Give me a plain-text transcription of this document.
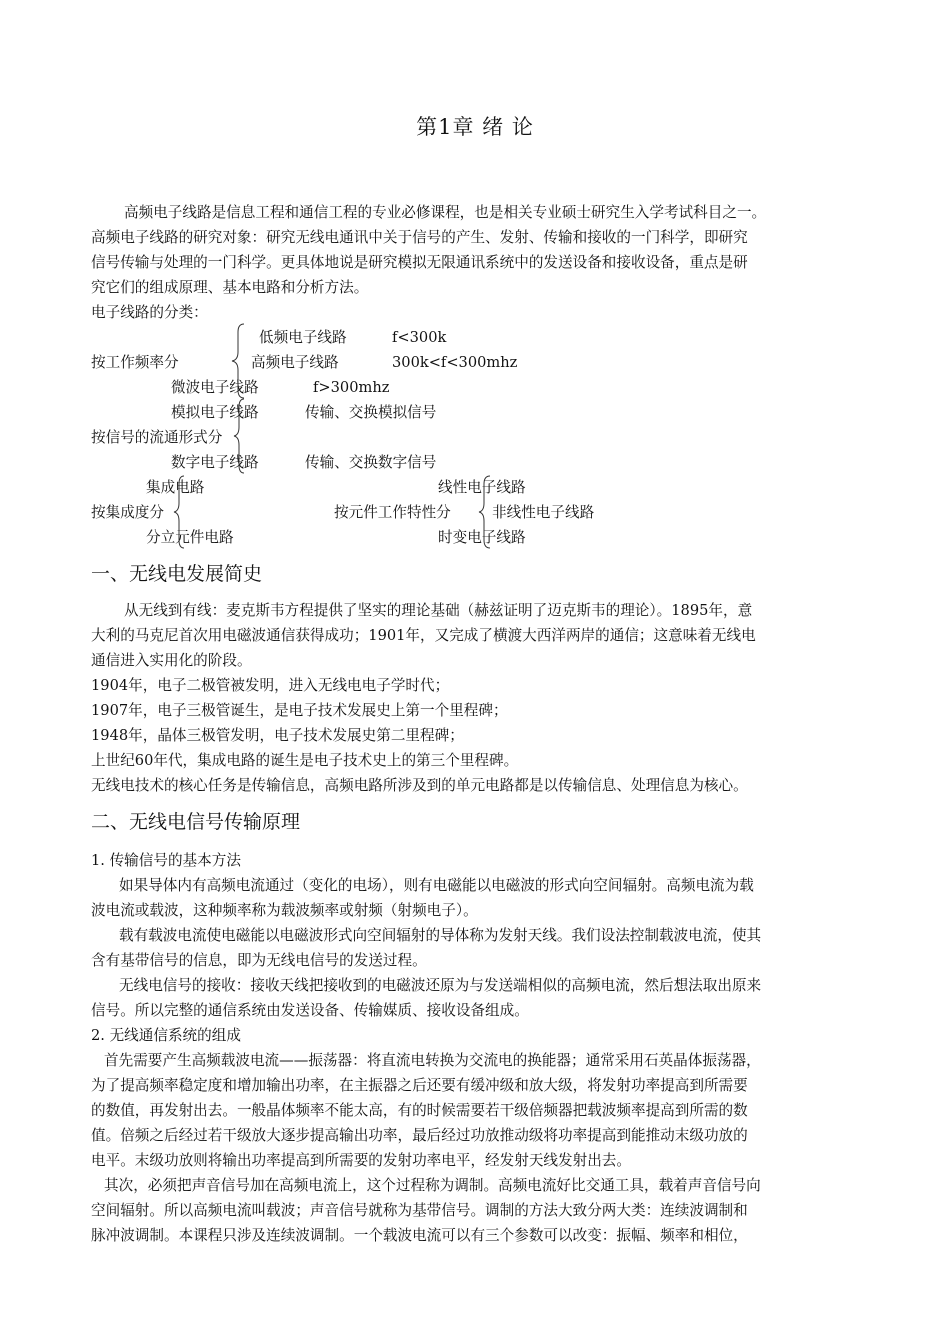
第1章 绪 论
高频电子线路是信息工程和通信工程的专业必修课程，也是相关专业硕士研究生入学考试科目之一。
高频电子线路的研究对象：研究无线电通讯中关于信号的产生、发射、传输和接收的一门科学，即研究
信号传输与处理的一门科学。更具体地说是研究模拟无限通讯系统中的发送设备和接收设备，重点是研
究它们的组成原理、基本电路和分析方法。
电子线路的分类：
低频电子线路	f<300k
按工作频率分	高频电子线路	300k<f<300mhz
微波电子线路	f>300mhz
模拟电子线路	传输、交换模拟信号
按信号的流通形式分
数字电子线路	传输、交换数字信号
集成电路	线性电子线路
按集成度分	按元件工作特性分	非线性电子线路
分立元件电路	时变电子线路
一、无线电发展简史
从无线到有线：麦克斯韦方程提供了坚实的理论基础（赫兹证明了迈克斯韦的理论）。1895年，意
大利的马克尼首次用电磁波通信获得成功；1901年，又完成了横渡大西洋两岸的通信；这意味着无线电
通信进入实用化的阶段。
1904年，电子二极管被发明，进入无线电电子学时代；
1907年，电子三极管诞生，是电子技术发展史上第一个里程碑；
1948年，晶体三极管发明，电子技术发展史第二里程碑；
上世纪60年代，集成电路的诞生是电子技术史上的第三个里程碑。
无线电技术的核心任务是传输信息，高频电路所涉及到的单元电路都是以传输信息、处理信息为核心。
二、无线电信号传输原理
1. 传输信号的基本方法
如果导体内有高频电流通过（变化的电场），则有电磁能以电磁波的形式向空间辐射。高频电流为载
波电流或载波，这种频率称为载波频率或射频（射频电子）。
载有载波电流使电磁能以电磁波形式向空间辐射的导体称为发射天线。我们设法控制载波电流，使其
含有基带信号的信息，即为无线电信号的发送过程。
无线电信号的接收：接收天线把接收到的电磁波还原为与发送端相似的高频电流，然后想法取出原来
信号。所以完整的通信系统由发送设备、传输媒质、接收设备组成。
2. 无线通信系统的组成
首先需要产生高频载波电流——振荡器：将直流电转换为交流电的换能器；通常采用石英晶体振荡器，
为了提高频率稳定度和增加输出功率，在主振器之后还要有缓冲级和放大级，将发射功率提高到所需要
的数值，再发射出去。一般晶体频率不能太高，有的时候需要若干级倍频器把载波频率提高到所需的数
值。倍频之后经过若干级放大逐步提高输出功率，最后经过功放推动级将功率提高到能推动末级功放的
电平。末级功放则将输出功率提高到所需要的发射功率电平，经发射天线发射出去。
其次，必须把声音信号加在高频电流上，这个过程称为调制。高频电流好比交通工具，载着声音信号向
空间辐射。所以高频电流叫载波；声音信号就称为基带信号。调制的方法大致分两大类：连续波调制和
脉冲波调制。本课程只涉及连续波调制。一个载波电流可以有三个参数可以改变：振幅、频率和相位，
